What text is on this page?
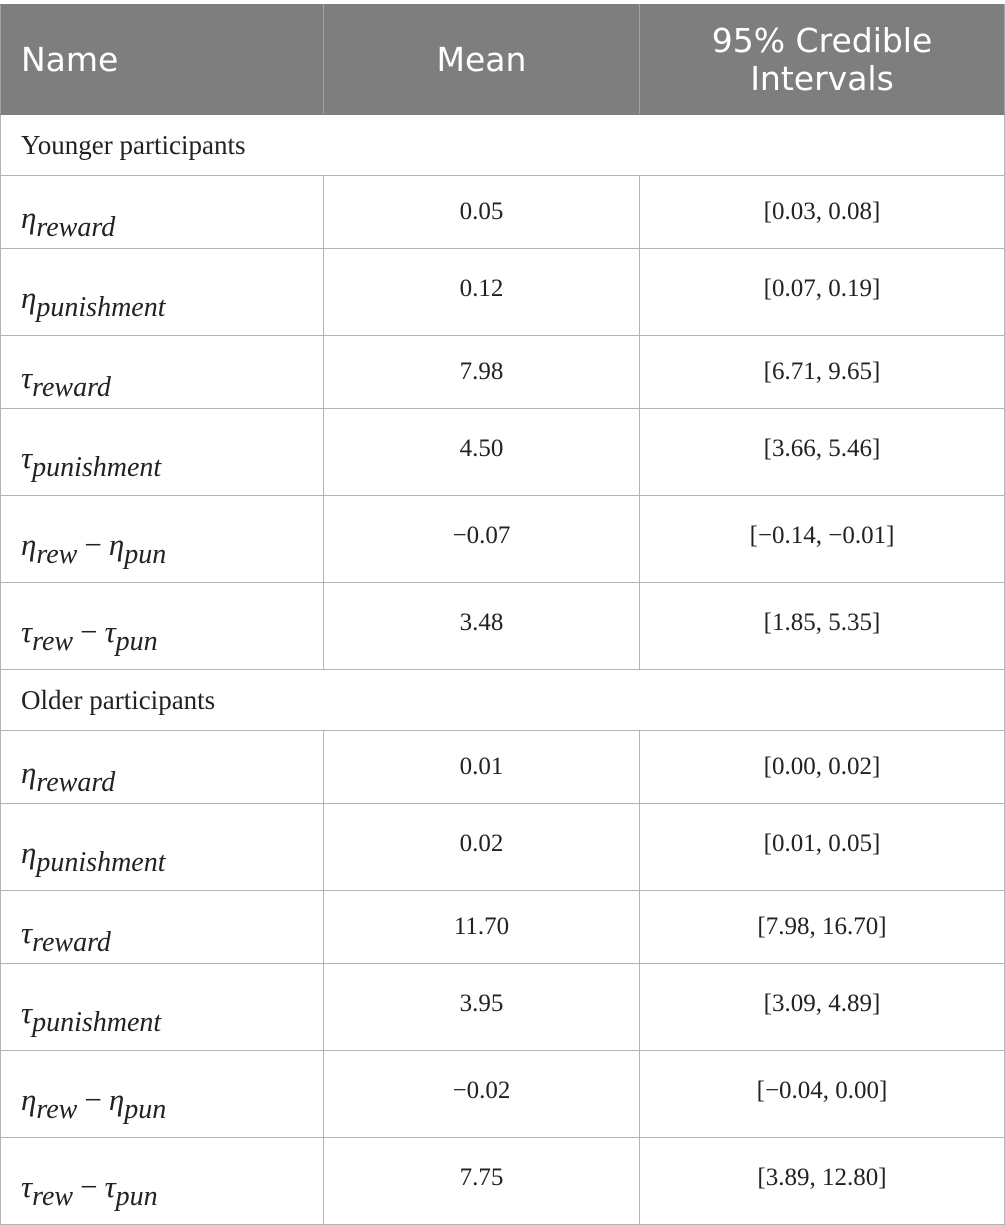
Name	Mean	95% Credible
Intervals
Younger participants		
ηreward	0.05	[0.03, 0.08]
ηpunishment	0.12	[0.07, 0.19]
τreward	7.98	[6.71, 9.65]
τpunishment	4.50	[3.66, 5.46]
ηrew − ηpun	−0.07	[−0.14, −0.01]
τrew − τpun	3.48	[1.85, 5.35]
Older participants		
ηreward	0.01	[0.00, 0.02]
ηpunishment	0.02	[0.01, 0.05]
τreward	11.70	[7.98, 16.70]
τpunishment	3.95	[3.09, 4.89]
ηrew − ηpun	−0.02	[−0.04, 0.00]
τrew − τpun	7.75	[3.89, 12.80]
